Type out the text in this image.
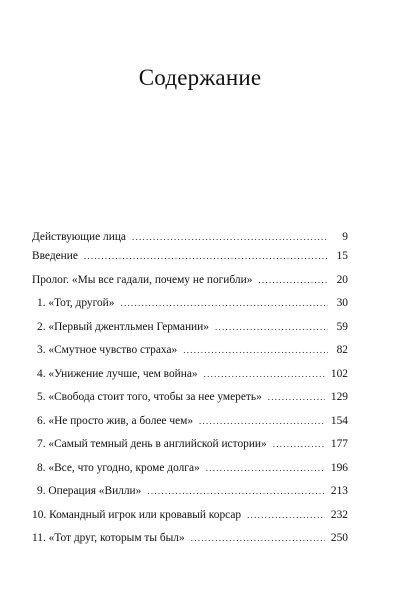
Содержание
Действующие лица . . .	9
Введение . . .	15
Пролог. «Мы все гадали, почему не погибли» . . .	20
1. «Тот, другой» . . .	30
2. «Первый джентльмен Германии» . . .	59
3. «Смутное чувство страха» . . .	82
4. «Унижение лучше, чем война» . . .	102
5. «Свобода стоит того, чтобы за нее умереть» . . .	129
6. «Не просто жив, а более чем» . . .	154
7. «Самый темный день в английской истории» . . .	177
8. «Все, что угодно, кроме долга» . . .	196
9. Операция «Вилли» . . .	213
10. Командный игрок или кровавый корсар . . .	232
11. «Тот друг, которым ты был» . . .	250
